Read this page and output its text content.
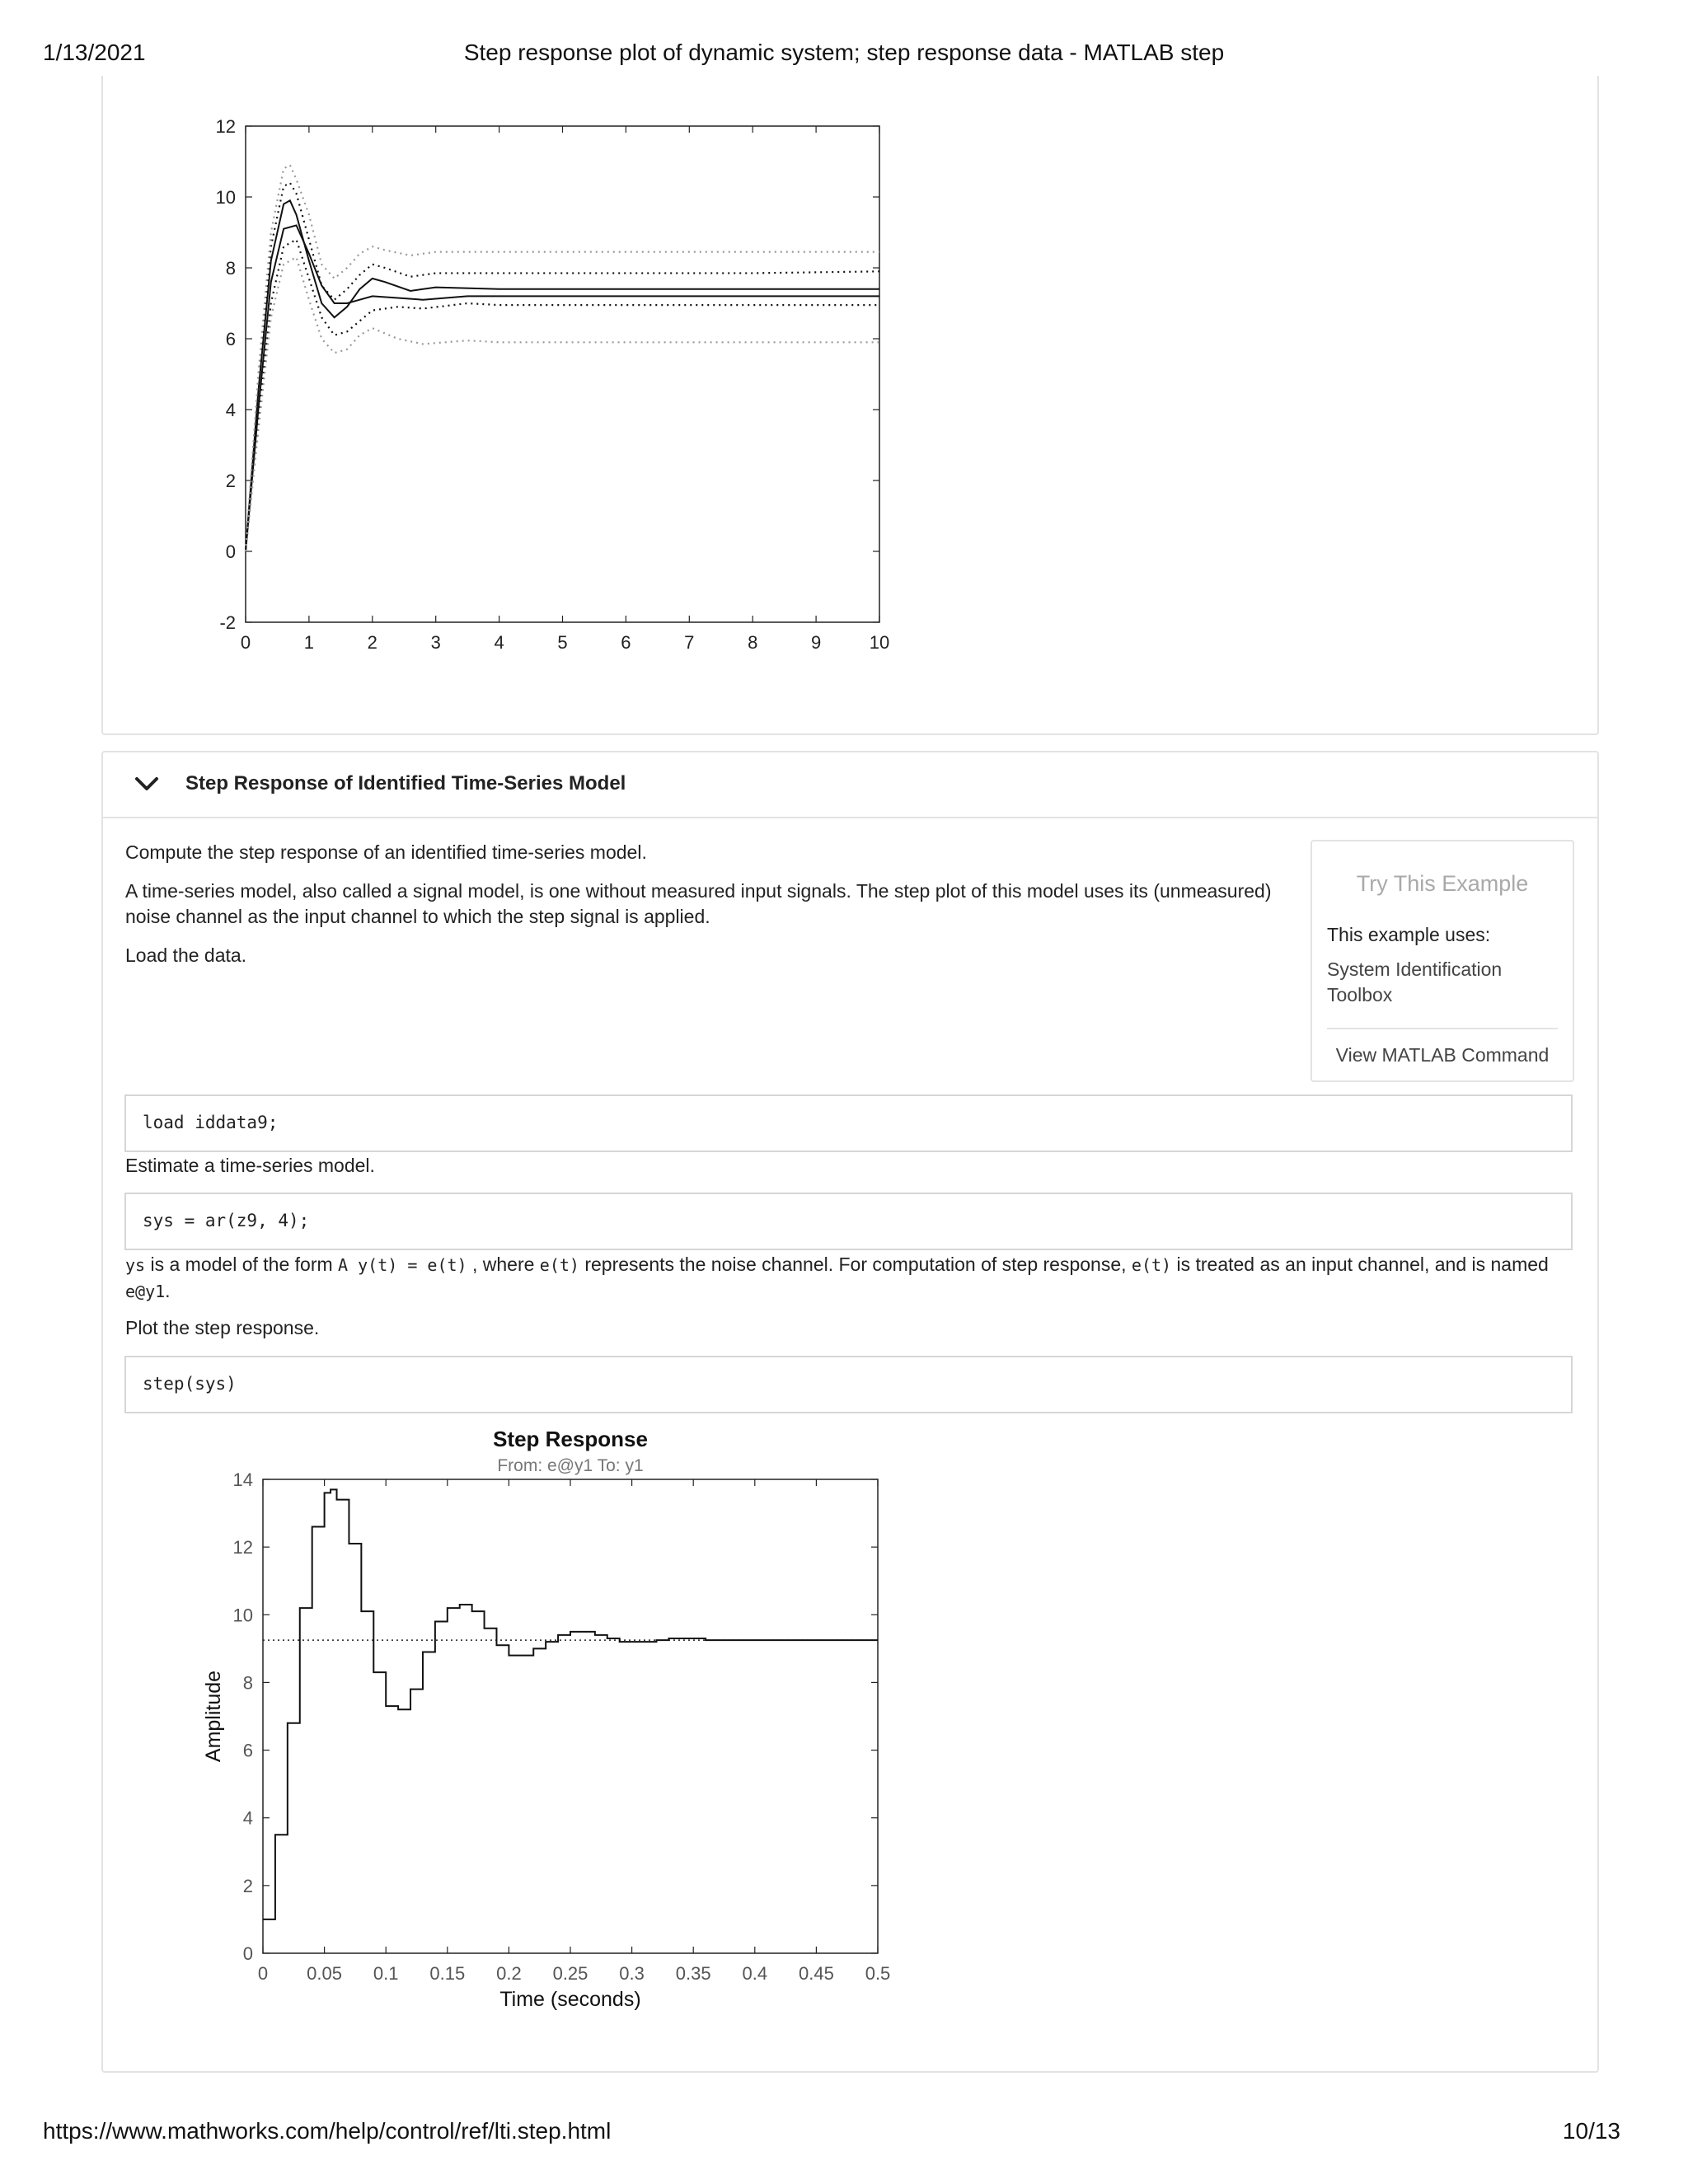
1/13/2021	Step response plot of dynamic system; step response data - MATLAB step
0	1	2	3	4	5	6	7	8	9	10
-2
0
2
4
6
8
10
12
Step Response of Identified Time-Series Model
Compute the step response of an identified time-series model.
A time-series model, also called a signal model, is one without measured input signals. The step plot of this model uses its (unmeasured)
noise channel as the input channel to which the step signal is applied.
Load the data.
Try This Example
This example uses:
System Identification Toolbox
View MATLAB Command
load iddata9;
Estimate a time-series model.
sys = ar(z9, 4);
ys is a model of the form A y(t) = e(t) , where e(t) represents the noise channel. For computation of step response, e(t) is treated as an input channel, and is named
e@y1.
Plot the step response.
step(sys)
0 0.05 0.1 0.15 0.2 0.25 0.3 0.35 0.4 0.45 0.5
0
2
4
6
8
10
12
14
Step Response
From: e@y1 To: y1
Time (seconds)
Amplitude
https://www.mathworks.com/help/control/ref/lti.step.html	10/13
